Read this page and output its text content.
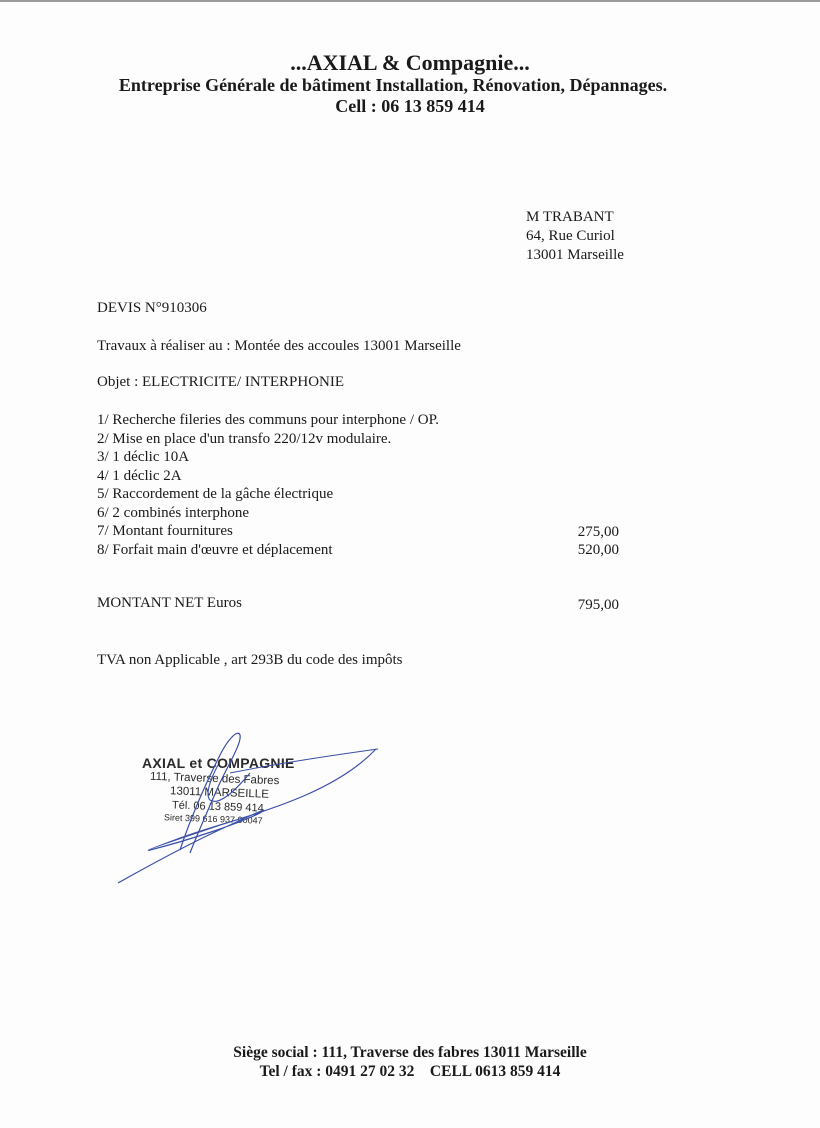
...AXIAL & Compagnie...
Entreprise Générale de bâtiment Installation, Rénovation, Dépannages.
Cell : 06 13 859 414
M TRABANT
64, Rue Curiol
13001 Marseille
DEVIS N°910306
Travaux à réaliser au : Montée des accoules 13001 Marseille
Objet : ELECTRICITE/ INTERPHONIE
1/ Recherche fileries des communs pour interphone / OP.
2/ Mise en place d'un transfo 220/12v modulaire.
3/ 1 déclic 10A
4/ 1 déclic 2A
5/ Raccordement de la gâche électrique
6/ 2 combinés interphone
7/ Montant fournitures
8/ Forfait main d'œuvre et déplacement
275,00
520,00
MONTANT NET Euros	795,00
TVA non Applicable , art 293B du code des impôts
AXIAL et COMPAGNIE
111, Traverse des Fabres
13011 MARSEILLE
Tél. 06 13 859 414
Siret 399 616 937 00047
Siège social : 111, Traverse des fabres 13011 Marseille
Tel / fax : 0491 27 02 32    CELL 0613 859 414
